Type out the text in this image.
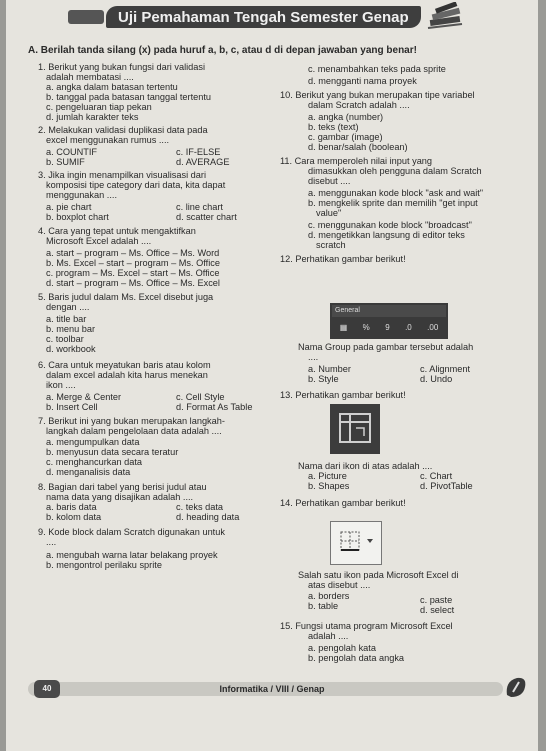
Uji Pemahaman Tengah Semester Genap
A. Berilah tanda silang (x) pada huruf a, b, c, atau d di depan jawaban yang benar!
1. Berikut yang bukan fungsi dari validasi
adalah membatasi ....
a. angka dalam batasan tertentu
b. tanggal pada batasan tanggal tertentu
c. pengeluaran tiap pekan
d. jumlah karakter teks
2. Melakukan validasi duplikasi data pada
excel menggunakan rumus ....
a. COUNTIF	c. IF-ELSE
b. SUMIF	d. AVERAGE
3. Jika ingin menampilkan visualisasi dari
komposisi tipe category dari data, kita dapat
menggunakan ....
a. pie chart	c. line chart
b. boxplot chart	d. scatter chart
4. Cara yang tepat untuk mengaktifkan
Microsoft Excel adalah ....
a. start – program – Ms. Office – Ms. Word
b. Ms. Excel – start – program – Ms. Office
c. program – Ms. Excel – start – Ms. Office
d. start – program – Ms. Office – Ms. Excel
5. Baris judul dalam Ms. Excel disebut juga
dengan ....
a. title bar
b. menu bar
c. toolbar
d. workbook
6. Cara untuk meyatukan baris atau kolom
dalam excel adalah kita harus menekan
ikon ....
a. Merge & Center	c. Cell Style
b. Insert Cell	d. Format As Table
7. Berikut ini yang bukan merupakan langkah-
langkah dalam pengelolaan data adalah ....
a. mengumpulkan data
b. menyusun data secara teratur
c. menghancurkan data
d. menganalisis data
8. Bagian dari tabel yang berisi judul atau
nama data yang disajikan adalah ....
a. baris data	c. teks data
b. kolom data	d. heading data
9. Kode block dalam Scratch digunakan untuk
....
a. mengubah warna latar belakang proyek
b. mengontrol perilaku sprite
c. menambahkan teks pada sprite
d. mengganti nama proyek
10. Berikut yang bukan merupakan tipe variabel
dalam Scratch adalah ....
a. angka (number)
b. teks (text)
c. gambar (image)
d. benar/salah (boolean)
11. Cara memperoleh nilai input yang
dimasukkan oleh pengguna dalam Scratch
disebut ....
a. menggunakan kode block "ask and wait"
b. mengkelik sprite dan memilih "get input
value"
c. menggunakan kode block "broadcast"
d. mengetikkan langsung di editor teks
scratch
12. Perhatikan gambar berikut!
Nama Group pada gambar tersebut adalah
....
a. Number	c. Alignment
b. Style	d. Undo
13. Perhatikan gambar berikut!
Nama dari ikon di atas adalah ....
a. Picture	c. Chart
b. Shapes	d. PivotTable
14. Perhatikan gambar berikut!
Salah satu ikon pada Microsoft Excel di
atas disebut ....
a. borders	c. paste
b. table	d. select
15. Fungsi utama program Microsoft Excel
adalah ....
a. pengolah kata
b. pengolah data angka
General
▦ % 9 .0 .00
40	Informatika / VIII / Genap
